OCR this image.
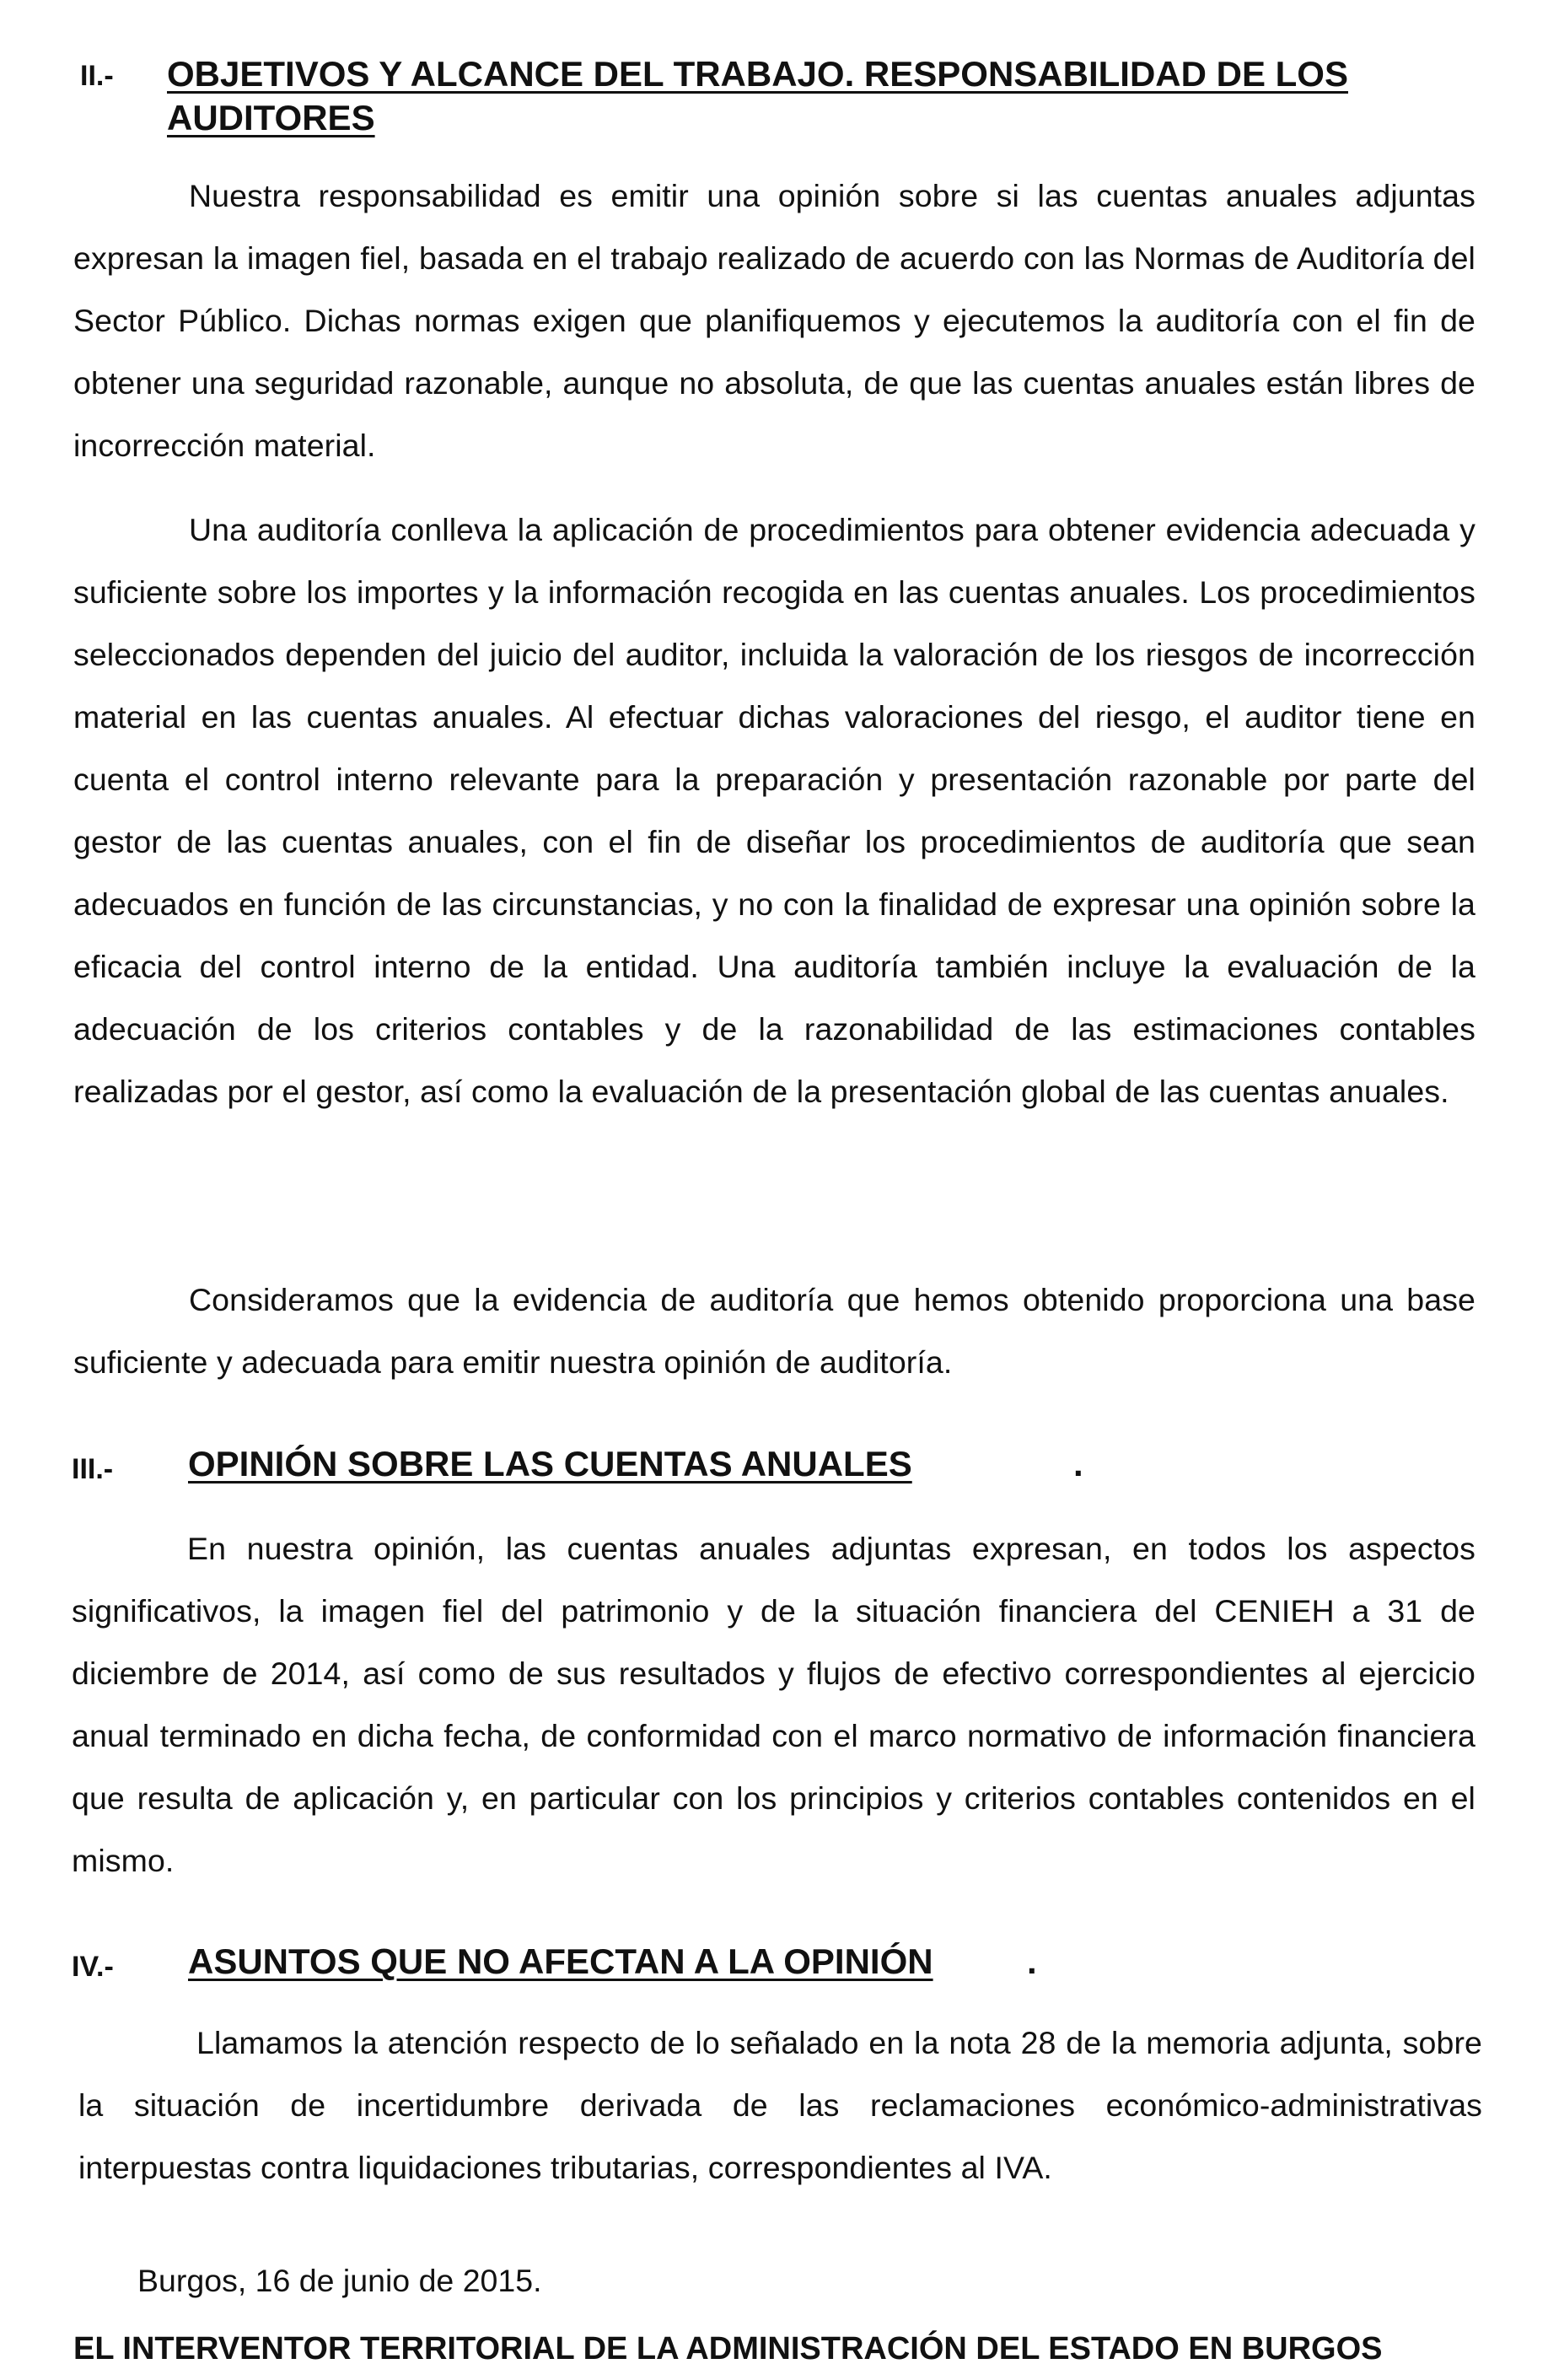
II.- OBJETIVOS Y ALCANCE DEL TRABAJO. RESPONSABILIDAD DE LOS AUDITORES
Nuestra responsabilidad es emitir una opinión sobre si las cuentas anuales adjuntas expresan la imagen fiel, basada en el trabajo realizado de acuerdo con las Normas de Auditoría del Sector Público. Dichas normas exigen que planifiquemos y ejecutemos la auditoría con el fin de obtener una seguridad razonable, aunque no absoluta, de que las cuentas anuales están libres de incorrección material.
Una auditoría conlleva la aplicación de procedimientos para obtener evidencia adecuada y suficiente sobre los importes y la información recogida en las cuentas anuales. Los procedimientos seleccionados dependen del juicio del auditor, incluida la valoración de los riesgos de incorrección material en las cuentas anuales. Al efectuar dichas valoraciones del riesgo, el auditor tiene en cuenta el control interno relevante para la preparación y presentación razonable por parte del gestor de las cuentas anuales, con el fin de diseñar los procedimientos de auditoría que sean adecuados en función de las circunstancias, y no con la finalidad de expresar una opinión sobre la eficacia del control interno de la entidad. Una auditoría también incluye la evaluación de la adecuación de los criterios contables y de la razonabilidad de las estimaciones contables realizadas por el gestor, así como la evaluación de la presentación global de las cuentas anuales.
Consideramos que la evidencia de auditoría que hemos obtenido proporciona una base suficiente y adecuada para emitir nuestra opinión de auditoría.
III.- OPINIÓN SOBRE LAS CUENTAS ANUALES	.
En nuestra opinión, las cuentas anuales adjuntas expresan, en todos los aspectos significativos, la imagen fiel del patrimonio y de la situación financiera del CENIEH a 31 de diciembre de 2014, así como de sus resultados y flujos de efectivo correspondientes al ejercicio anual terminado en dicha fecha, de conformidad con el marco normativo de información financiera que resulta de aplicación y, en particular con los principios y criterios contables contenidos en el mismo.
IV.- ASUNTOS QUE NO AFECTAN A LA OPINIÓN	.
Llamamos la atención respecto de lo señalado en la nota 28 de la memoria adjunta, sobre la situación de incertidumbre derivada de las reclamaciones económico-administrativas interpuestas contra liquidaciones tributarias, correspondientes al IVA.
Burgos, 16 de junio de 2015.
EL INTERVENTOR TERRITORIAL DE LA ADMINISTRACIÓN DEL ESTADO EN BURGOS
